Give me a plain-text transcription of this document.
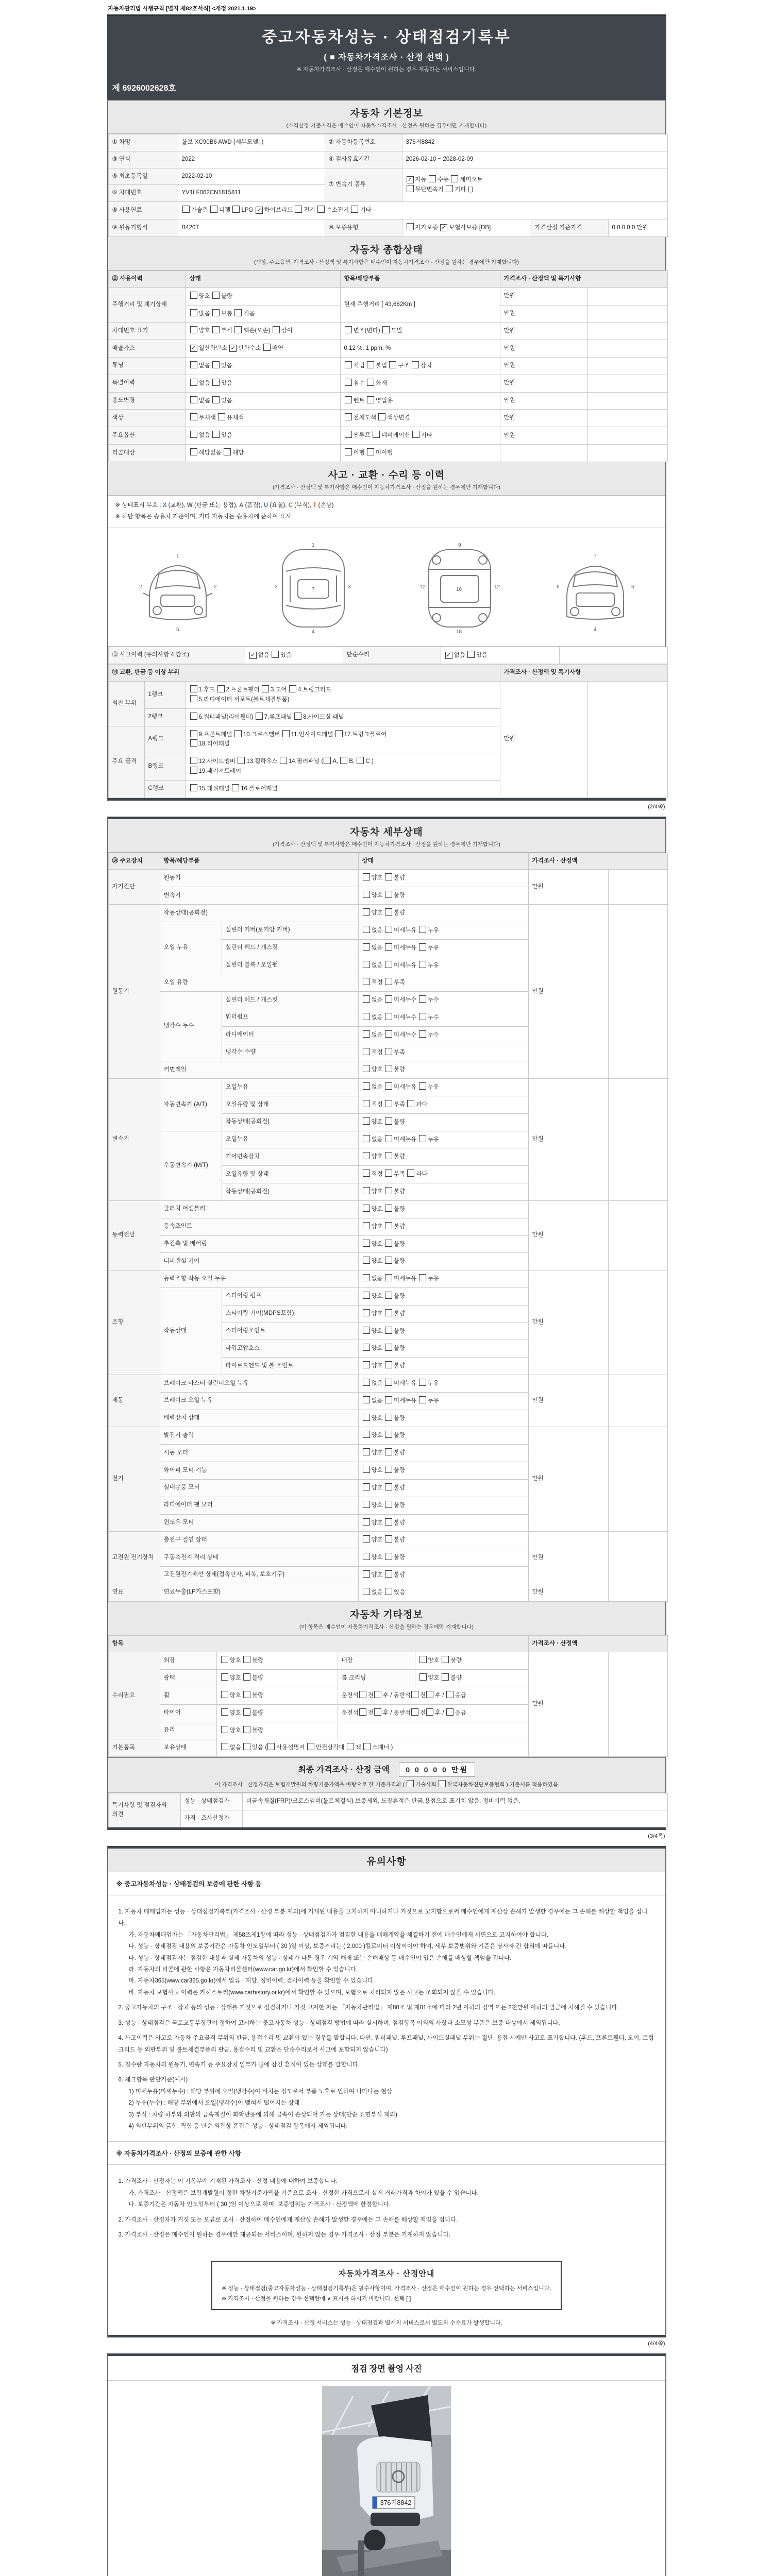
자동차관리법 시행규칙 [별지 제82호서식] <개정 2021.1.19>
중고자동차성능 · 상태점검기록부
( ■ 자동차가격조사 · 산정 선택 )
※ 자동차가격조사 · 산정은 매수인이 원하는 경우 제공하는 서비스입니다.
제 6926002628호
자동차 기본정보
(가격산정 기준가격은 매수인이 자동차가격조사 · 산정을 원하는 경우에만 기재합니다)
① 차명	볼보 XC90B6 AWD (세부모델: )	② 자동차등록번호	376거8842		
③ 연식	2022	④ 검사유효기간	2026-02-10 ~ 2028-02-09		
⑤ 최초등록일	2022-02-10	⑦ 변속기 종류	✓ 자동 수동 세미오토
무단변속기 기타 ( )		
⑥ 차대번호	YV1LF062CN1815811				
⑧ 사용연료	가솔린 디젤 LPG ✓ 하이브리드 전기 수소전기 기타				
⑨ 원동기형식	B420T	⑩ 보증유형	자가보증 ✓ 보험사보증 [DB]	가격산정 기준가격	0 0 0 0 0 만원
자동차 종합상태
(색상, 주요옵션, 가격조사 · 산정액 및 특기사항은 매수인이 자동차가격조사 · 산정을 원하는 경우에만 기재합니다)
⑪ 사용이력	상태	항목/해당부품	가격조사 · 산정액 및 특기사항	
주행거리 및 계기상태	양호 불량	현재 주행거리 [ 43,682Km ]	만원	
	많음 보통 적음		만원	
차대번호 표기	양호 부식 훼손(오손) 상이	변조(변타) 도말	만원	
배출가스	✓ 일산화탄소 ✓ 탄화수소 매연	0.12 %, 1 ppm, %	만원	
튜닝	없음 있음	적법 불법 구조 장치	만원	
특별이력	없음 있음	침수 화재	만원	
용도변경	없음 있음	렌트 영업용	만원	
색상	무채색 유채색	전체도색 색상변경	만원	
주요옵션	없음 있음	썬루프 네비게이션 기타	만원	
리콜대상	해당없음 해당	이행 미이행		
사고 · 교환 · 수리 등 이력
(가격조사 · 산정액 및 특기사항은 매수인이 자동차가격조사 · 산정을 원하는 경우에만 기재합니다)
※ 상태표시 부호 : X (교환), W (판금 또는 용접), A (흠집), U (요철), C (부식), T (손상)
※ 하단 항목은 승용차 기준이며, 기타 자동차는 승용차에 준하여 표시
1
2	2
5
1
3	3
4
7
9
12	12
16
18
7
6	6
4
⑫ 사고이력 (유의사항 4.참조)	✓ 없음 있음	단순수리	✓ 없음 있음	
⑬ 교환, 판금 등 이상 부위			가격조사 · 산정액 및 특기사항	
외판 부위	1랭크	1.후드 2.프론트휀더 3.도어 4.트렁크리드
5.라디에이터 서포트(볼트체결부품)	만원	
	2랭크	6.쿼터패널(리어휀더) 7.루프패널 8.사이드실 패널		
주요 골격	A랭크	9.프론트패널 10.크로스멤버 11.인사이드패널 17.트렁크플로어
18.리어패널		
	B랭크	12.사이드멤버 13.휠하우스 14.필러패널 ( A, B, C )
19.패키지트레이		
	C랭크	15.대쉬패널 16.플로어패널		
(2/4쪽)
자동차 세부상태
(가격조사 · 산정액 및 특기사항은 매수인이 자동차가격조사 · 산정을 원하는 경우에만 기재합니다)
⑭ 주요장치	항목/해당부품		상태	가격조사 · 산정액	
자기진단	원동기		양호 불량	만원	
	변속기		양호 불량		
원동기	작동상태(공회전)		양호 불량	만원	
	오일 누유	실린더 커버(로커암 커버)	없음 미세누유 누유		
		실린더 헤드 / 개스킷	없음 미세누유 누유		
		실린더 블록 / 오일팬	없음 미세누유 누유		
	오일 유량		적정 부족		
	냉각수 누수	실린더 헤드 / 개스킷	없음 미세누수 누수		
		워터펌프	없음 미세누수 누수		
		라디에이터	없음 미세누수 누수		
		냉각수 수량	적정 부족		
	커먼레일		양호 불량		
변속기	자동변속기 (A/T)	오일누유	없음 미세누유 누유	만원	
		오일유량 및 상태	적정 부족 과다		
		작동상태(공회전)	양호 불량		
	수동변속기 (M/T)	오일누유	없음 미세누유 누유		
		기어변속장치	양호 불량		
		오일유량 및 상태	적정 부족 과다		
		작동상태(공회전)	양호 불량		
동력전달	클러치 어셈블리		양호 불량	만원	
	등속죠인트		양호 불량		
	추진축 및 베어링		양호 불량		
	디퍼렌셜 기어		양호 불량		
조향	동력조향 작동 오일 누유		없음 미세누유 누유	만원	
	작동상태	스티어링 펌프	양호 불량		
		스티어링 기어(MDPS포함)	양호 불량		
		스티어링조인트	양호 불량		
		파워고압호스	양호 불량		
		타이로드엔드 및 볼 조인트	양호 불량		
제동	브레이크 마스터 실린더오일 누유		없음 미세누유 누유	만원	
	브레이크 오일 누유		없음 미세누유 누유		
	배력장치 상태		양호 불량		
전기	발전기 출력		양호 불량	만원	
	시동 모터		양호 불량		
	와이퍼 모터 기능		양호 불량		
	실내송풍 모터		양호 불량		
	라디에이터 팬 모터		양호 불량		
	윈도우 모터		양호 불량		
고전원 전기장치	충전구 절연 상태		양호 불량	만원	
	구동축전지 격리 상태		양호 불량		
	고전원전기배선 상태(접속단자, 피복, 보호기구)		양호 불량		
연료	연료누출(LP가스포함)		없음 있음	만원	
자동차 기타정보
(이 항목은 매수인이 자동차가격조사 · 산정을 원하는 경우에만 기재합니다)
항목					가격조사 · 산정액	
수리필요	외장	양호 불량	내장	양호 불량	만원	
	광택	양호 불량	룸 크리닝	양호 불량		
	휠	양호 불량	운전석 전 후 / 동반석 전 후 / 응급			
	타이어	양호 불량	운전석 전 후 / 동반석 전 후 / 응급			
	유리	양호 불량				
기본품목	보유상태	없음 있음 ( 사용설명서 안전삼각대 잭 스패너 )				
최종 가격조사 · 산정 금액 0 0 0 0 0 만원
이 가격조사 · 산정가격은 보험개발원의 차량기준가액을 바탕으로 한 기준가격과 ( 기술사회 한국자동차진단보증협회 ) 기준서를 적용하였음
특기사항 및 점검자의 의견	성능 · 상태점검자	비금속재질(FRP)/크로스멤버(볼트체결식) 보증제외, 도장흔적은 판금,용접으로 표기치 않음. 정비이력 없음.
	가격 · 조사산정자	
(3/4쪽)
유의사항
※ 중고자동차성능 · 상태점검의 보증에 관한 사항 등
1. 자동차 매매업자는 성능 · 상태점검기록부(가격조사 · 산정 부분 제외)에 기재된 내용을 고지하지 아니하거나 거짓으로 고지함으로써 매수인에게 재산상 손해가 발생한 경우에는 그 손해를 배상할 책임을 집니다.
가. 자동차매매업자는 「자동차관리법」 제58조제1항에 따라 성능 · 상태점검자가 점검한 내용을 매매계약을 체결하기 전에 매수인에게 서면으로 고지하여야 합니다.
나. 성능 · 상태점검 내용의 보증기간은 자동차 인도일부터 ( 30 )일 이상, 보증거리는 ( 2,000 )킬로미터 이상이어야 하며, 세부 보증범위와 기준은 당사자 간 합의에 따릅니다.
다. 성능 · 상태점검자는 점검한 내용과 실제 자동차의 성능 · 상태가 다른 경우 계약 해제 또는 손해배상 등 매수인이 입은 손해를 배상할 책임을 집니다.
라. 자동차의 리콜에 관한 사항은 자동차리콜센터(www.car.go.kr)에서 확인할 수 있습니다.
마. 자동차365(www.car365.go.kr)에서 압류 · 저당, 정비이력, 검사이력 등을 확인할 수 있습니다.
바. 자동차 보험사고 이력은 카히스토리(www.carhistory.or.kr)에서 확인할 수 있으며, 보험으로 처리되지 않은 사고는 조회되지 않을 수 있습니다.
2. 중고자동차의 구조 · 장치 등의 성능 · 상태를 거짓으로 점검하거나 거짓 고지한 자는 「자동차관리법」 제80조 및 제81조에 따라 2년 이하의 징역 또는 2천만원 이하의 벌금에 처해질 수 있습니다.
3. 성능 · 상태점검은 국토교통부장관이 정하여 고시하는 중고자동차 성능 · 상태점검 방법에 따라 실시하며, 점검항목 이외의 사항과 소모성 부품은 보증 대상에서 제외됩니다.
4. 사고이력은 사고로 자동차 주요골격 부위의 판금, 용접수리 및 교환이 있는 경우를 말합니다. 다만, 쿼터패널, 루프패널, 사이드실패널 부위는 절단, 용접 시에만 사고로 표기합니다. (후드, 프론트휀더, 도어, 트렁크리드 등 외판부위 및 볼트체결부품의 판금, 용접수리 및 교환은 단순수리로서 사고에 포함되지 않습니다)
5. 침수란 자동차의 원동기, 변속기 등 주요장치 일부가 물에 잠긴 흔적이 있는 상태를 말합니다.
6. 체크항목 판단기준(예시)
1) 미세누유(미세누수) : 해당 부위에 오일(냉각수)이 비치는 정도로서 부품 노후로 인하여 나타나는 현상
2) 누유(누수) : 해당 부위에서 오일(냉각수)이 맺혀서 떨어지는 상태
3) 부식 : 차량 하부와 외판의 금속재질이 화학반응에 의해 금속이 손상되어 가는 상태(단순 표면부식 제외)
4) 외판부위의 긁힘, 찍힘 등 단순 외관상 흠집은 성능 · 상태점검 항목에서 제외됩니다.
※ 자동차가격조사 · 산정의 보증에 관한 사항
1. 가격조사 · 산정자는 이 기록부에 기재된 가격조사 · 산정 내용에 대하여 보증합니다.
가. 가격조사 · 산정액은 보험개발원이 정한 차량기준가액을 기준으로 조사 · 산정한 가격으로서 실제 거래가격과 차이가 있을 수 있습니다.
나. 보증기간은 자동차 인도일부터 ( 30 )일 이상으로 하며, 보증범위는 가격조사 · 산정액에 한정합니다.
2. 가격조사 · 산정자가 거짓 또는 오류로 조사 · 산정하여 매수인에게 재산상 손해가 발생한 경우에는 그 손해를 배상할 책임을 집니다.
3. 가격조사 · 산정은 매수인이 원하는 경우에만 제공되는 서비스이며, 원하지 않는 경우 가격조사 · 산정 부분은 기재하지 않습니다.
자동차가격조사 · 산정안내
※ 성능 · 상태점검(중고자동차성능 · 상태점검기록부)은 필수사항이며, 가격조사 · 산정은 매수인이 원하는 경우 선택하는 서비스입니다.
※ 가격조사 · 산정을 원하는 경우 선택란에 ∨ 표시를 하시기 바랍니다. 선택 [ ]
※ 가격조사 · 산정 서비스는 성능 · 상태점검과 별개의 서비스로서 별도의 수수료가 발생합니다.
(4/4쪽)
점검 장면 촬영 사진
376거8842
